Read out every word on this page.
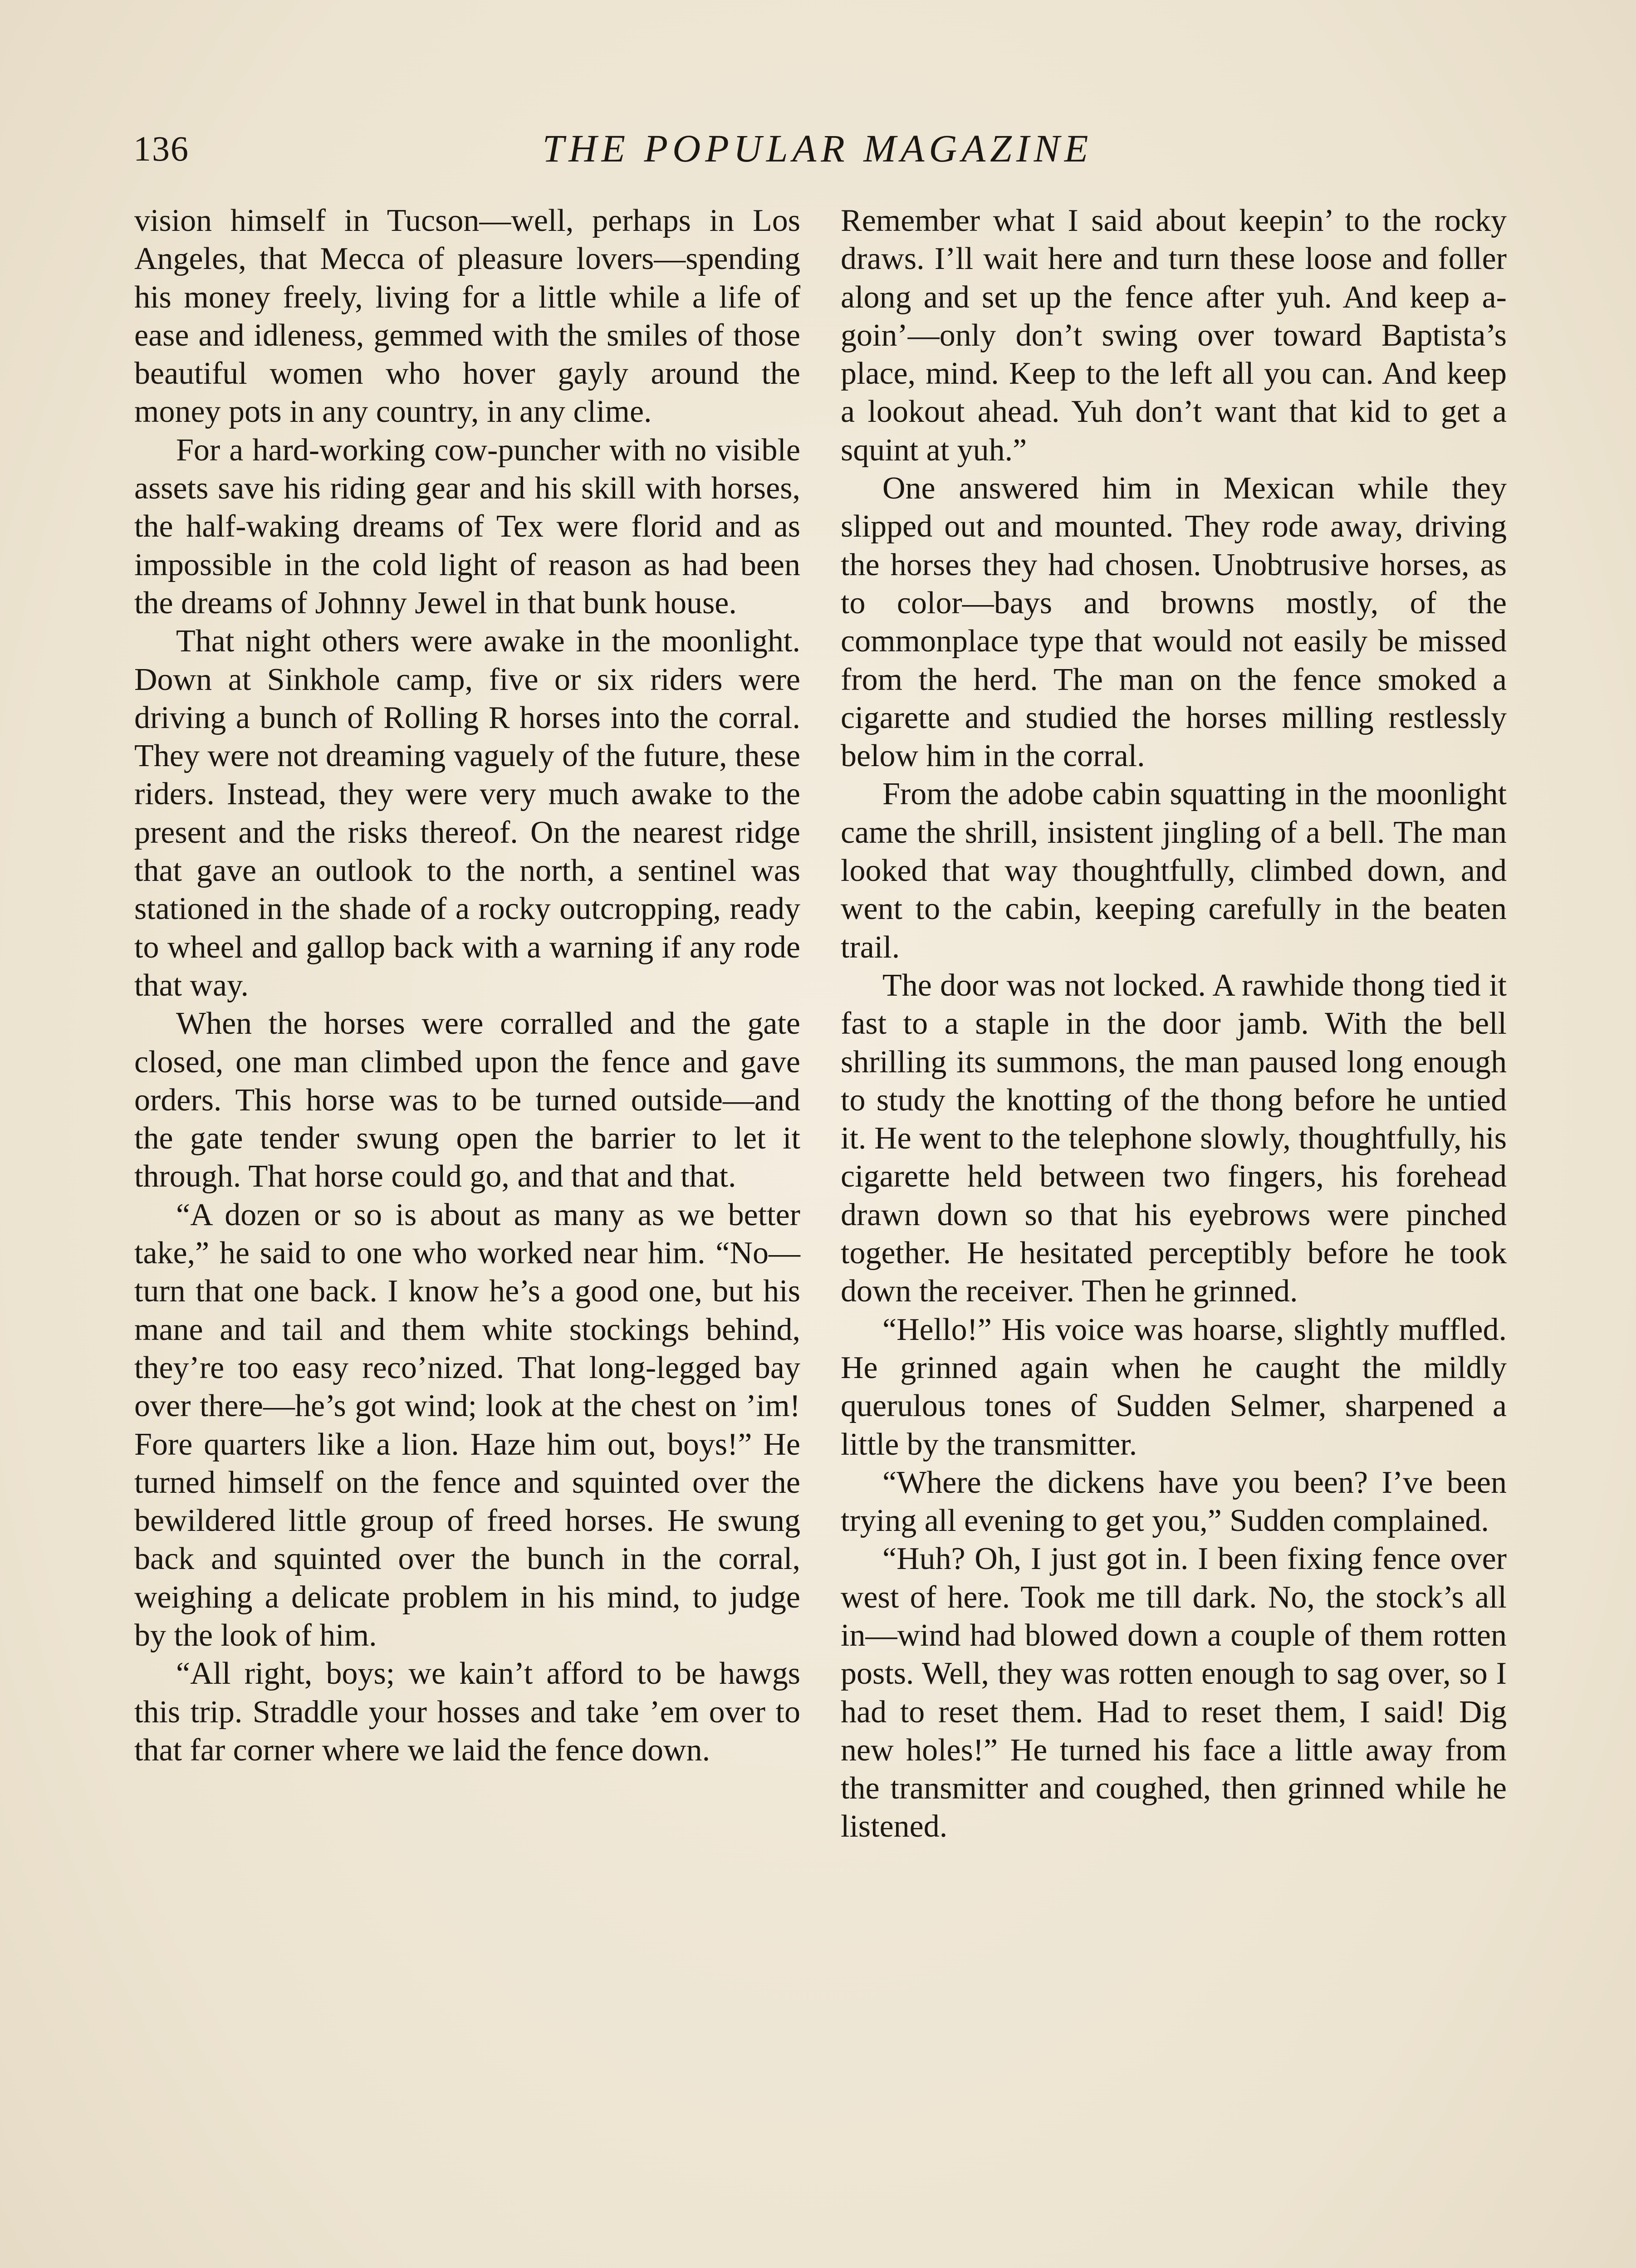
136	THE POPULAR MAGAZINE

vision himself in Tucson—well, perhaps in Los Angeles, that Mecca of pleasure lovers—spending his money freely, living for a little while a life of ease and idleness, gemmed with the smiles of those beautiful women who hover gayly around the money pots in any country, in any clime.

For a hard-working cow-puncher with no visible assets save his riding gear and his skill with horses, the half-waking dreams of Tex were florid and as impossible in the cold light of reason as had been the dreams of Johnny Jewel in that bunk house.

That night others were awake in the moonlight. Down at Sinkhole camp, five or six riders were driving a bunch of Rolling R horses into the corral. They were not dreaming vaguely of the future, these riders. Instead, they were very much awake to the present and the risks thereof. On the nearest ridge that gave an outlook to the north, a sentinel was stationed in the shade of a rocky outcropping, ready to wheel and gallop back with a warning if any rode that way.

When the horses were corralled and the gate closed, one man climbed upon the fence and gave orders. This horse was to be turned outside—and the gate tender swung open the barrier to let it through. That horse could go, and that and that.

“A dozen or so is about as many as we better take,” he said to one who worked near him. “No—turn that one back. I know he’s a good one, but his mane and tail and them white stockings behind, they’re too easy reco’nized. That long-legged bay over there—he’s got wind; look at the chest on ’im! Fore quarters like a lion. Haze him out, boys!” He turned himself on the fence and squinted over the bewildered little group of freed horses. He swung back and squinted over the bunch in the corral, weighing a delicate problem in his mind, to judge by the look of him.

“All right, boys; we kain’t afford to be hawgs this trip. Straddle your hosses and take ’em over to that far corner where we laid the fence down.

Remember what I said about keepin’ to the rocky draws. I’ll wait here and turn these loose and foller along and set up the fence after yuh. And keep a-goin’—only don’t swing over toward Baptista’s place, mind. Keep to the left all you can. And keep a lookout ahead. Yuh don’t want that kid to get a squint at yuh.”

One answered him in Mexican while they slipped out and mounted. They rode away, driving the horses they had chosen. Unobtrusive horses, as to color—bays and browns mostly, of the commonplace type that would not easily be missed from the herd. The man on the fence smoked a cigarette and studied the horses milling restlessly below him in the corral.

From the adobe cabin squatting in the moonlight came the shrill, insistent jingling of a bell. The man looked that way thoughtfully, climbed down, and went to the cabin, keeping carefully in the beaten trail.

The door was not locked. A rawhide thong tied it fast to a staple in the door jamb. With the bell shrilling its summons, the man paused long enough to study the knotting of the thong before he untied it. He went to the telephone slowly, thoughtfully, his cigarette held between two fingers, his forehead drawn down so that his eyebrows were pinched together. He hesitated perceptibly before he took down the receiver. Then he grinned.

“Hello!” His voice was hoarse, slightly muffled. He grinned again when he caught the mildly querulous tones of Sudden Selmer, sharpened a little by the transmitter.

“Where the dickens have you been? I’ve been trying all evening to get you,” Sudden complained.

“Huh? Oh, I just got in. I been fixing fence over west of here. Took me till dark. No, the stock’s all in—wind had blowed down a couple of them rotten posts. Well, they was rotten enough to sag over, so I had to reset them. Had to reset them, I said! Dig new holes!” He turned his face a little away from the transmitter and coughed, then grinned while he listened.
